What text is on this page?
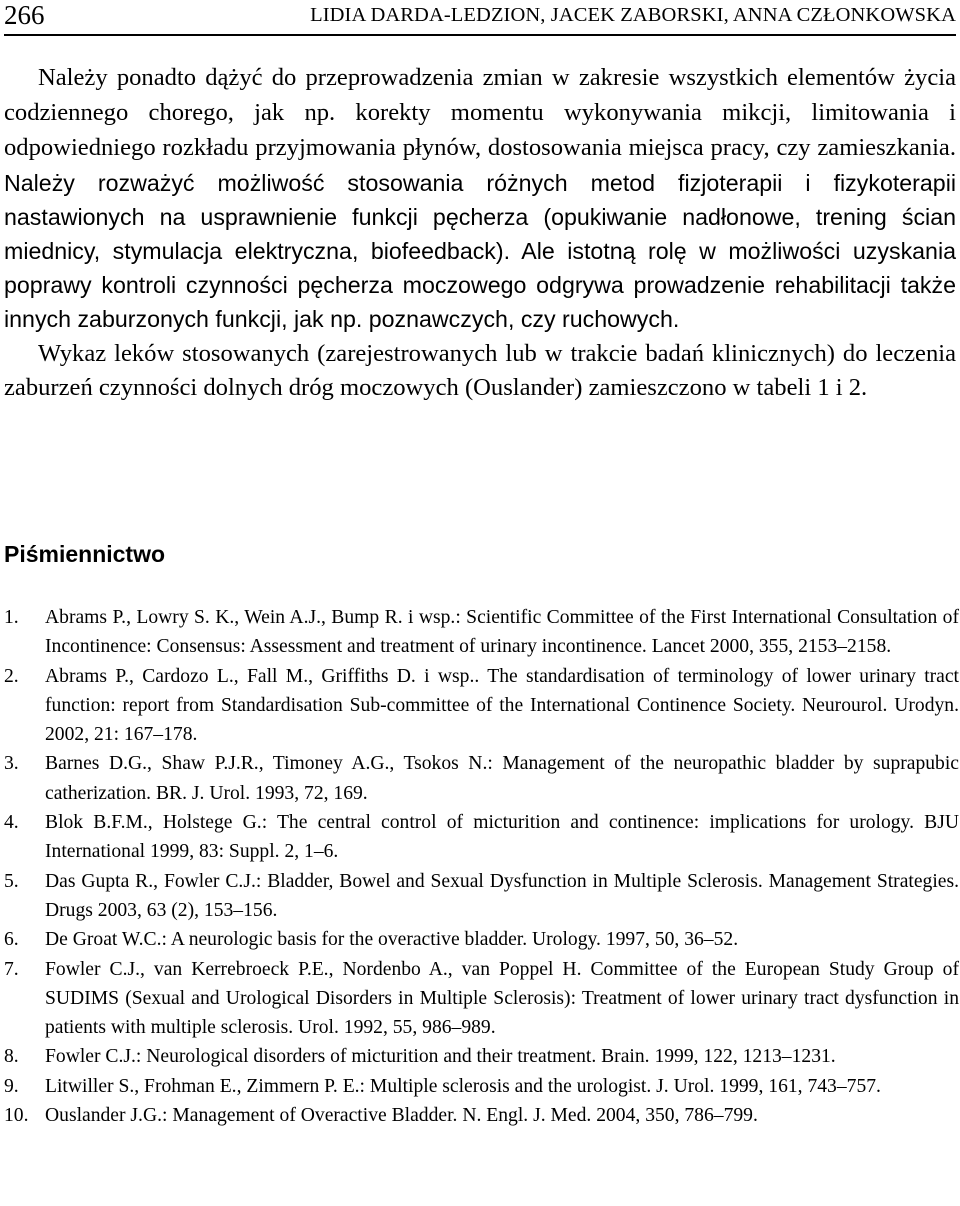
266	LIDIA DARDA-LEDZION, JACEK ZABORSKI, ANNA CZŁONKOWSKA

Należy ponadto dążyć do przeprowadzenia zmian w zakresie wszystkich elementów życia codziennego chorego, jak np. korekty momentu wykonywania mikcji, limitowania i odpowiedniego rozkładu przyjmowania płynów, dostosowania miejsca pracy, czy zamieszkania. Należy rozważyć możliwość stosowania różnych metod fizjoterapii i fizykoterapii nastawionych na usprawnienie funkcji pęcherza (opukiwanie nadłonowe, trening ścian miednicy, stymulacja elektryczna, biofeedback). Ale istotną rolę w możliwości uzyskania poprawy kontroli czynności pęcherza moczowego odgrywa prowadzenie rehabilitacji także innych zaburzonych funkcji, jak np. poznawczych, czy ruchowych.

Wykaz leków stosowanych (zarejestrowanych lub w trakcie badań klinicznych) do leczenia zaburzeń czynności dolnych dróg moczowych (Ouslander) zamieszczono w tabeli 1 i 2.

Piśmiennictwo
1. Abrams P., Lowry S. K., Wein A.J., Bump R. i wsp.: Scientific Committee of the First International Consultation of Incontinence: Consensus: Assessment and treatment of urinary incontinence. Lancet 2000, 355, 2153–2158.
2. Abrams P., Cardozo L., Fall M., Griffiths D. i wsp.. The standardisation of terminology of lower urinary tract function: report from Standardisation Sub-committee of the International Continence Society. Neurourol. Urodyn. 2002, 21: 167–178.
3. Barnes D.G., Shaw P.J.R., Timoney A.G., Tsokos N.: Management of the neuropathic bladder by suprapubic catherization. BR. J. Urol. 1993, 72, 169.
4. Blok B.F.M., Holstege G.: The central control of micturition and continence: implications for urology. BJU International 1999, 83: Suppl. 2, 1–6.
5. Das Gupta R., Fowler C.J.: Bladder, Bowel and Sexual Dysfunction in Multiple Sclerosis. Management Strategies. Drugs 2003, 63 (2), 153–156.
6. De Groat W.C.: A neurologic basis for the overactive bladder. Urology. 1997, 50, 36–52.
7. Fowler C.J., van Kerrebroeck P.E., Nordenbo A., van Poppel H. Committee of the European Study Group of SUDIMS (Sexual and Urological Disorders in Multiple Sclerosis): Treatment of lower urinary tract dysfunction in patients with multiple sclerosis. Urol. 1992, 55, 986–989.
8. Fowler C.J.: Neurological disorders of micturition and their treatment. Brain. 1999, 122, 1213–1231.
9. Litwiller S., Frohman E., Zimmern P. E.: Multiple sclerosis and the urologist. J. Urol. 1999, 161, 743–757.
10. Ouslander J.G.: Management of Overactive Bladder. N. Engl. J. Med. 2004, 350, 786–799.
